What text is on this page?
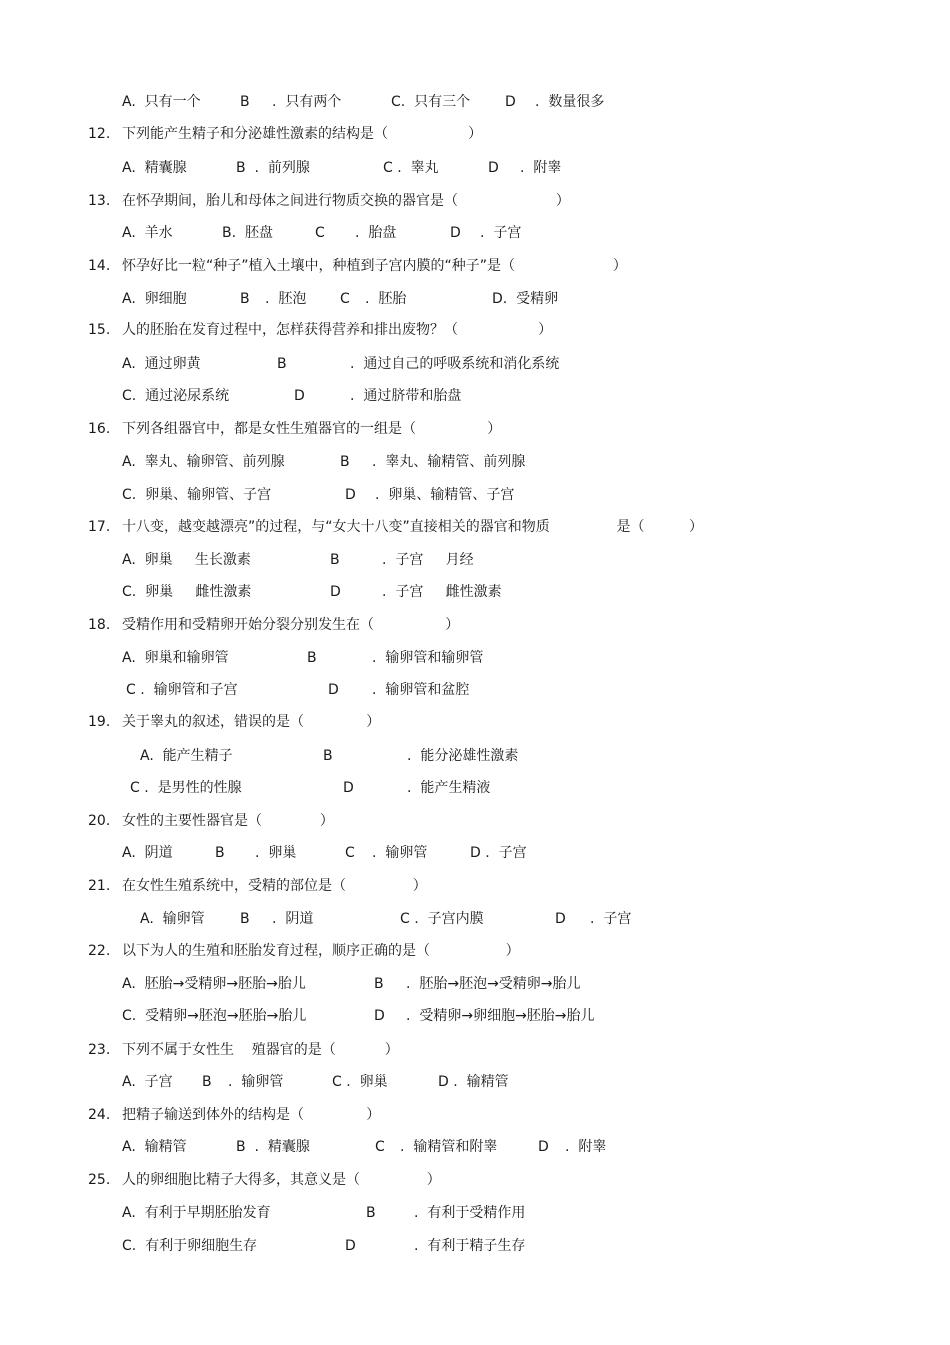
A.  只有一个	B .  只有两个	C.  只有三个 D .  数量很多
12. 下列能产生精子和分泌雄性激素的结构是（                  ）
A.  精囊腺	B  .  前列腺	C .  睾丸	D .  附睾
13. 在怀孕期间，胎儿和母体之间进行物质交换的器官是（                      ）
A.  羊水	B.  胚盘	C .  胎盘	D .  子宫
14. 怀孕好比一粒“种子”植入土壤中，种植到子宫内膜的“种子”是（                      ）
A.  卵细胞	B .  胚泡 C .  胚胎	D.  受精卵
15. 人的胚胎在发育过程中，怎样获得营养和排出废物？（                  ）
A.  通过卵黄	B	.  通过自己的呼吸系统和消化系统
C.  通过泌尿系统	D	.  通过脐带和胎盘
16. 下列各组器官中，都是女性生殖器官的一组是（                ）
A.  睾丸、输卵管、前列腺	B .  睾丸、输精管、前列腺
C.  卵巢、输卵管、子宫	D .  卵巢、输精管、子宫
17. 十八变，越变越漂亮”的过程，与“女大十八变”直接相关的器官和物质               是（          ）
A.  卵巢     生长激素	B	.  子宫     月经
C.  卵巢     雌性激素	D	.  子宫     雌性激素
18. 受精作用和受精卵开始分裂分别发生在（                ）
A.  卵巢和输卵管	B	.  输卵管和输卵管
C .  输卵管和子宫	D .  输卵管和盆腔
19. 关于睾丸的叙述，错误的是（              ）
A.  能产生精子	B	.  能分泌雄性激素
C .  是男性的性腺	D	.  能产生精液
20. 女性的主要性器官是（             ）
A.  阴道	B .  卵巢	C .  输卵管	D .  子宫
21. 在女性生殖系统中，受精的部位是（               ）
A.  输卵管	B .  阴道	C .  子宫内膜	D .  子宫
22. 以下为人的生殖和胚胎发育过程，顺序正确的是（                 ）
A.  胚胎→受精卵→胚胎→胎儿	B .  胚胎→胚泡→受精卵→胎儿
C.  受精卵→胚泡→胚胎→胎儿	D .  受精卵→卵细胞→胚胎→胎儿
23. 下列不属于女性生    殖器官的是（           ）
A.  子宫 B .  输卵管	C .  卵巢	D .  输精管
24. 把精子输送到体外的结构是（              ）
A.  输精管	B  .  精囊腺	C .  输精管和附睾	D .  附睾
25. 人的卵细胞比精子大得多，其意义是（               ）
A.  有利于早期胚胎发育	B	.  有利于受精作用
C.  有利于卵细胞生存	D	.  有利于精子生存
